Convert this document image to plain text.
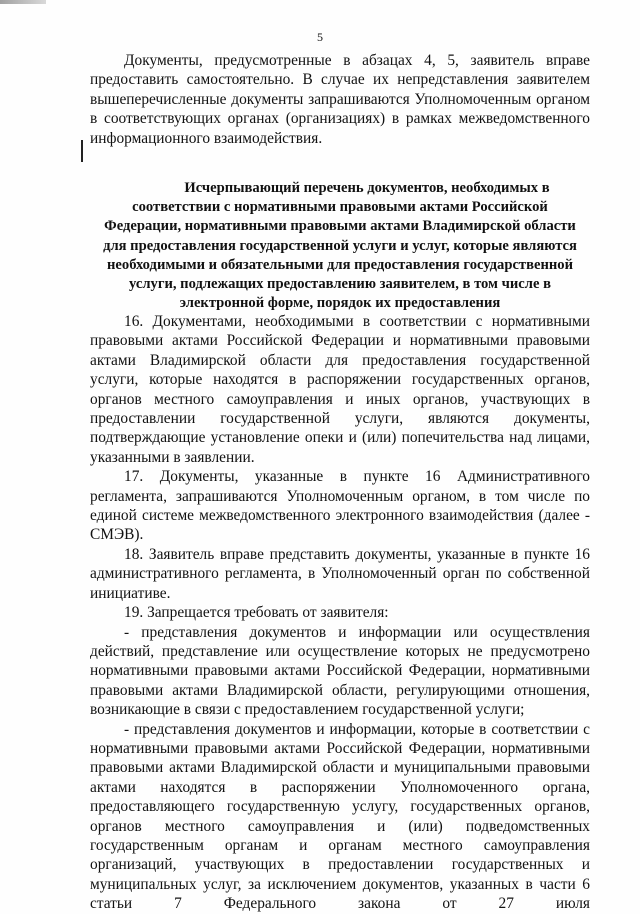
5

Документы, предусмотренные в абзацах 4, 5, заявитель вправе предоставить самостоятельно. В случае их непредставления заявителем вышеперечисленные документы запрашиваются Уполномоченным органом в соответствующих органах (организациях) в рамках межведомственного информационного взаимодействия.

Исчерпывающий перечень документов, необходимых в
соответствии с нормативными правовыми актами Российской
Федерации, нормативными правовыми актами Владимирской области
для предоставления государственной услуги и услуг, которые являются
необходимыми и обязательными для предоставления государственной
услуги, подлежащих предоставлению заявителем, в том числе в
электронной форме, порядок их предоставления

16. Документами, необходимыми в соответствии с нормативными правовыми актами Российской Федерации и нормативными правовыми актами Владимирской области для предоставления государственной услуги, которые находятся в распоряжении государственных органов, органов местного самоуправления и иных органов, участвующих в предоставлении государственной услуги, являются документы, подтверждающие установление опеки и (или) попечительства над лицами, указанными в заявлении.

17. Документы, указанные в пункте 16 Административного регламента, запрашиваются Уполномоченным органом, в том числе по единой системе межведомственного электронного взаимодействия (далее - СМЭВ).

18. Заявитель вправе представить документы, указанные в пункте 16 административного регламента, в Уполномоченный орган по собственной инициативе.

19. Запрещается требовать от заявителя:

- представления документов и информации или осуществления действий, представление или осуществление которых не предусмотрено нормативными правовыми актами Российской Федерации, нормативными правовыми актами Владимирской области, регулирующими отношения, возникающие в связи с предоставлением государственной услуги;

- представления документов и информации, которые в соответствии с нормативными правовыми актами Российской Федерации, нормативными правовыми актами Владимирской области и муниципальными правовыми актами находятся в распоряжении Уполномоченного органа, предоставляющего государственную услугу, государственных органов, органов местного самоуправления и (или) подведомственных государственным органам и органам местного самоуправления организаций, участвующих в предоставлении государственных и муниципальных услуг, за исключением документов, указанных в части 6 статьи 7 Федерального закона от 27 июля
